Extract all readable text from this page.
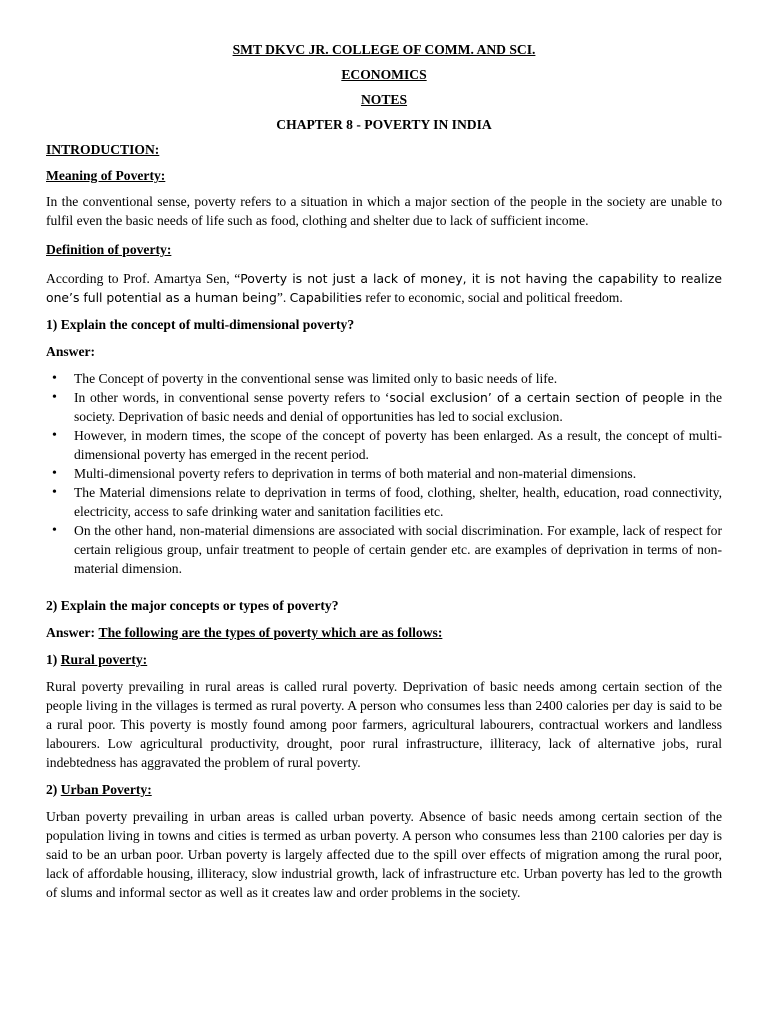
SMT DKVC JR. COLLEGE OF COMM. AND SCI.

ECONOMICS

NOTES

CHAPTER 8 - POVERTY IN INDIA

INTRODUCTION:

Meaning of Poverty:

In the conventional sense, poverty refers to a situation in which a major section of the people in the society are unable to fulfil even the basic needs of life such as food, clothing and shelter due to lack of sufficient income.

Definition of poverty:

According to Prof. Amartya Sen, “Poverty is not just a lack of money, it is not having the capability to realize one’s full potential as a human being”. Capabilities refer to economic, social and political freedom.

1) Explain the concept of multi-dimensional poverty?

Answer:

• The Concept of poverty in the conventional sense was limited only to basic needs of life.
• In other words, in conventional sense poverty refers to ‘social exclusion’ of a certain section of people in the society. Deprivation of basic needs and denial of opportunities has led to social exclusion.
• However, in modern times, the scope of the concept of poverty has been enlarged. As a result, the concept of multi-dimensional poverty has emerged in the recent period.
• Multi-dimensional poverty refers to deprivation in terms of both material and non-material dimensions.
• The Material dimensions relate to deprivation in terms of food, clothing, shelter, health, education, road connectivity, electricity, access to safe drinking water and sanitation facilities etc.
• On the other hand, non-material dimensions are associated with social discrimination. For example, lack of respect for certain religious group, unfair treatment to people of certain gender etc. are examples of deprivation in terms of non-material dimension.

2) Explain the major concepts or types of poverty?

Answer: The following are the types of poverty which are as follows:

1) Rural poverty:

Rural poverty prevailing in rural areas is called rural poverty. Deprivation of basic needs among certain section of the people living in the villages is termed as rural poverty. A person who consumes less than 2400 calories per day is said to be a rural poor. This poverty is mostly found among poor farmers, agricultural labourers, contractual workers and landless labourers. Low agricultural productivity, drought, poor rural infrastructure, illiteracy, lack of alternative jobs, rural indebtedness has aggravated the problem of rural poverty.

2) Urban Poverty:

Urban poverty prevailing in urban areas is called urban poverty. Absence of basic needs among certain section of the population living in towns and cities is termed as urban poverty. A person who consumes less than 2100 calories per day is said to be an urban poor. Urban poverty is largely affected due to the spill over effects of migration among the rural poor, lack of affordable housing, illiteracy, slow industrial growth, lack of infrastructure etc. Urban poverty has led to the growth of slums and informal sector as well as it creates law and order problems in the society.
